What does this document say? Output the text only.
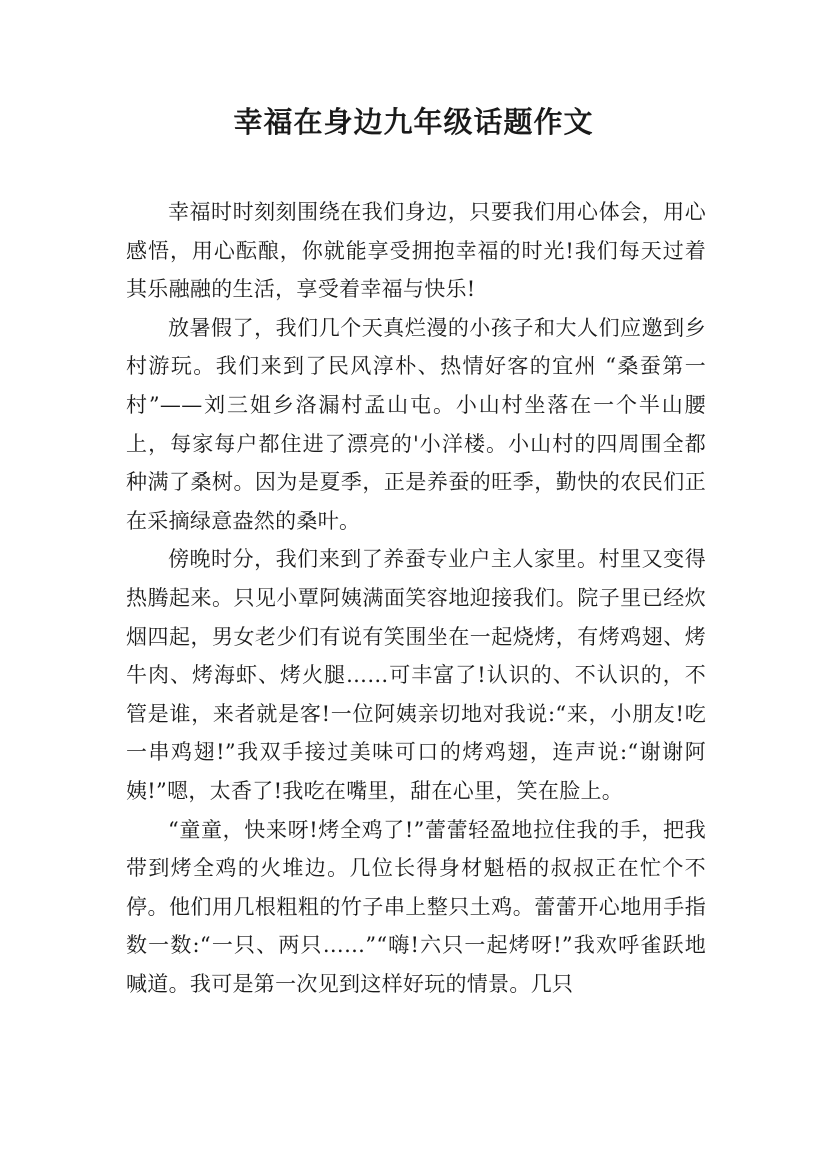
幸福在身边九年级话题作文

幸福时时刻刻围绕在我们身边，只要我们用心体会，用心感悟，用心酝酿，你就能享受拥抱幸福的时光!我们每天过着其乐融融的生活，享受着幸福与快乐!

放暑假了，我们几个天真烂漫的小孩子和大人们应邀到乡村游玩。我们来到了民风淳朴、热情好客的宜州 “桑蚕第一村”——刘三姐乡洛漏村孟山屯。小山村坐落在一个半山腰上，每家每户都住进了漂亮的'小洋楼。小山村的四周围全都种满了桑树。因为是夏季，正是养蚕的旺季，勤快的农民们正在采摘绿意盎然的桑叶。

傍晚时分，我们来到了养蚕专业户主人家里。村里又变得热腾起来。只见小覃阿姨满面笑容地迎接我们。院子里已经炊烟四起，男女老少们有说有笑围坐在一起烧烤，有烤鸡翅、烤牛肉、烤海虾、烤火腿……可丰富了!认识的、不认识的，不管是谁，来者就是客!一位阿姨亲切地对我说:“来，小朋友!吃一串鸡翅!”我双手接过美味可口的烤鸡翅，连声说:“谢谢阿姨!”嗯，太香了!我吃在嘴里，甜在心里，笑在脸上。

“童童，快来呀!烤全鸡了!”蕾蕾轻盈地拉住我的手，把我带到烤全鸡的火堆边。几位长得身材魁梧的叔叔正在忙个不停。他们用几根粗粗的竹子串上整只土鸡。蕾蕾开心地用手指数一数:“一只、两只……”“嗨!六只一起烤呀!”我欢呼雀跃地喊道。我可是第一次见到这样好玩的情景。几只
